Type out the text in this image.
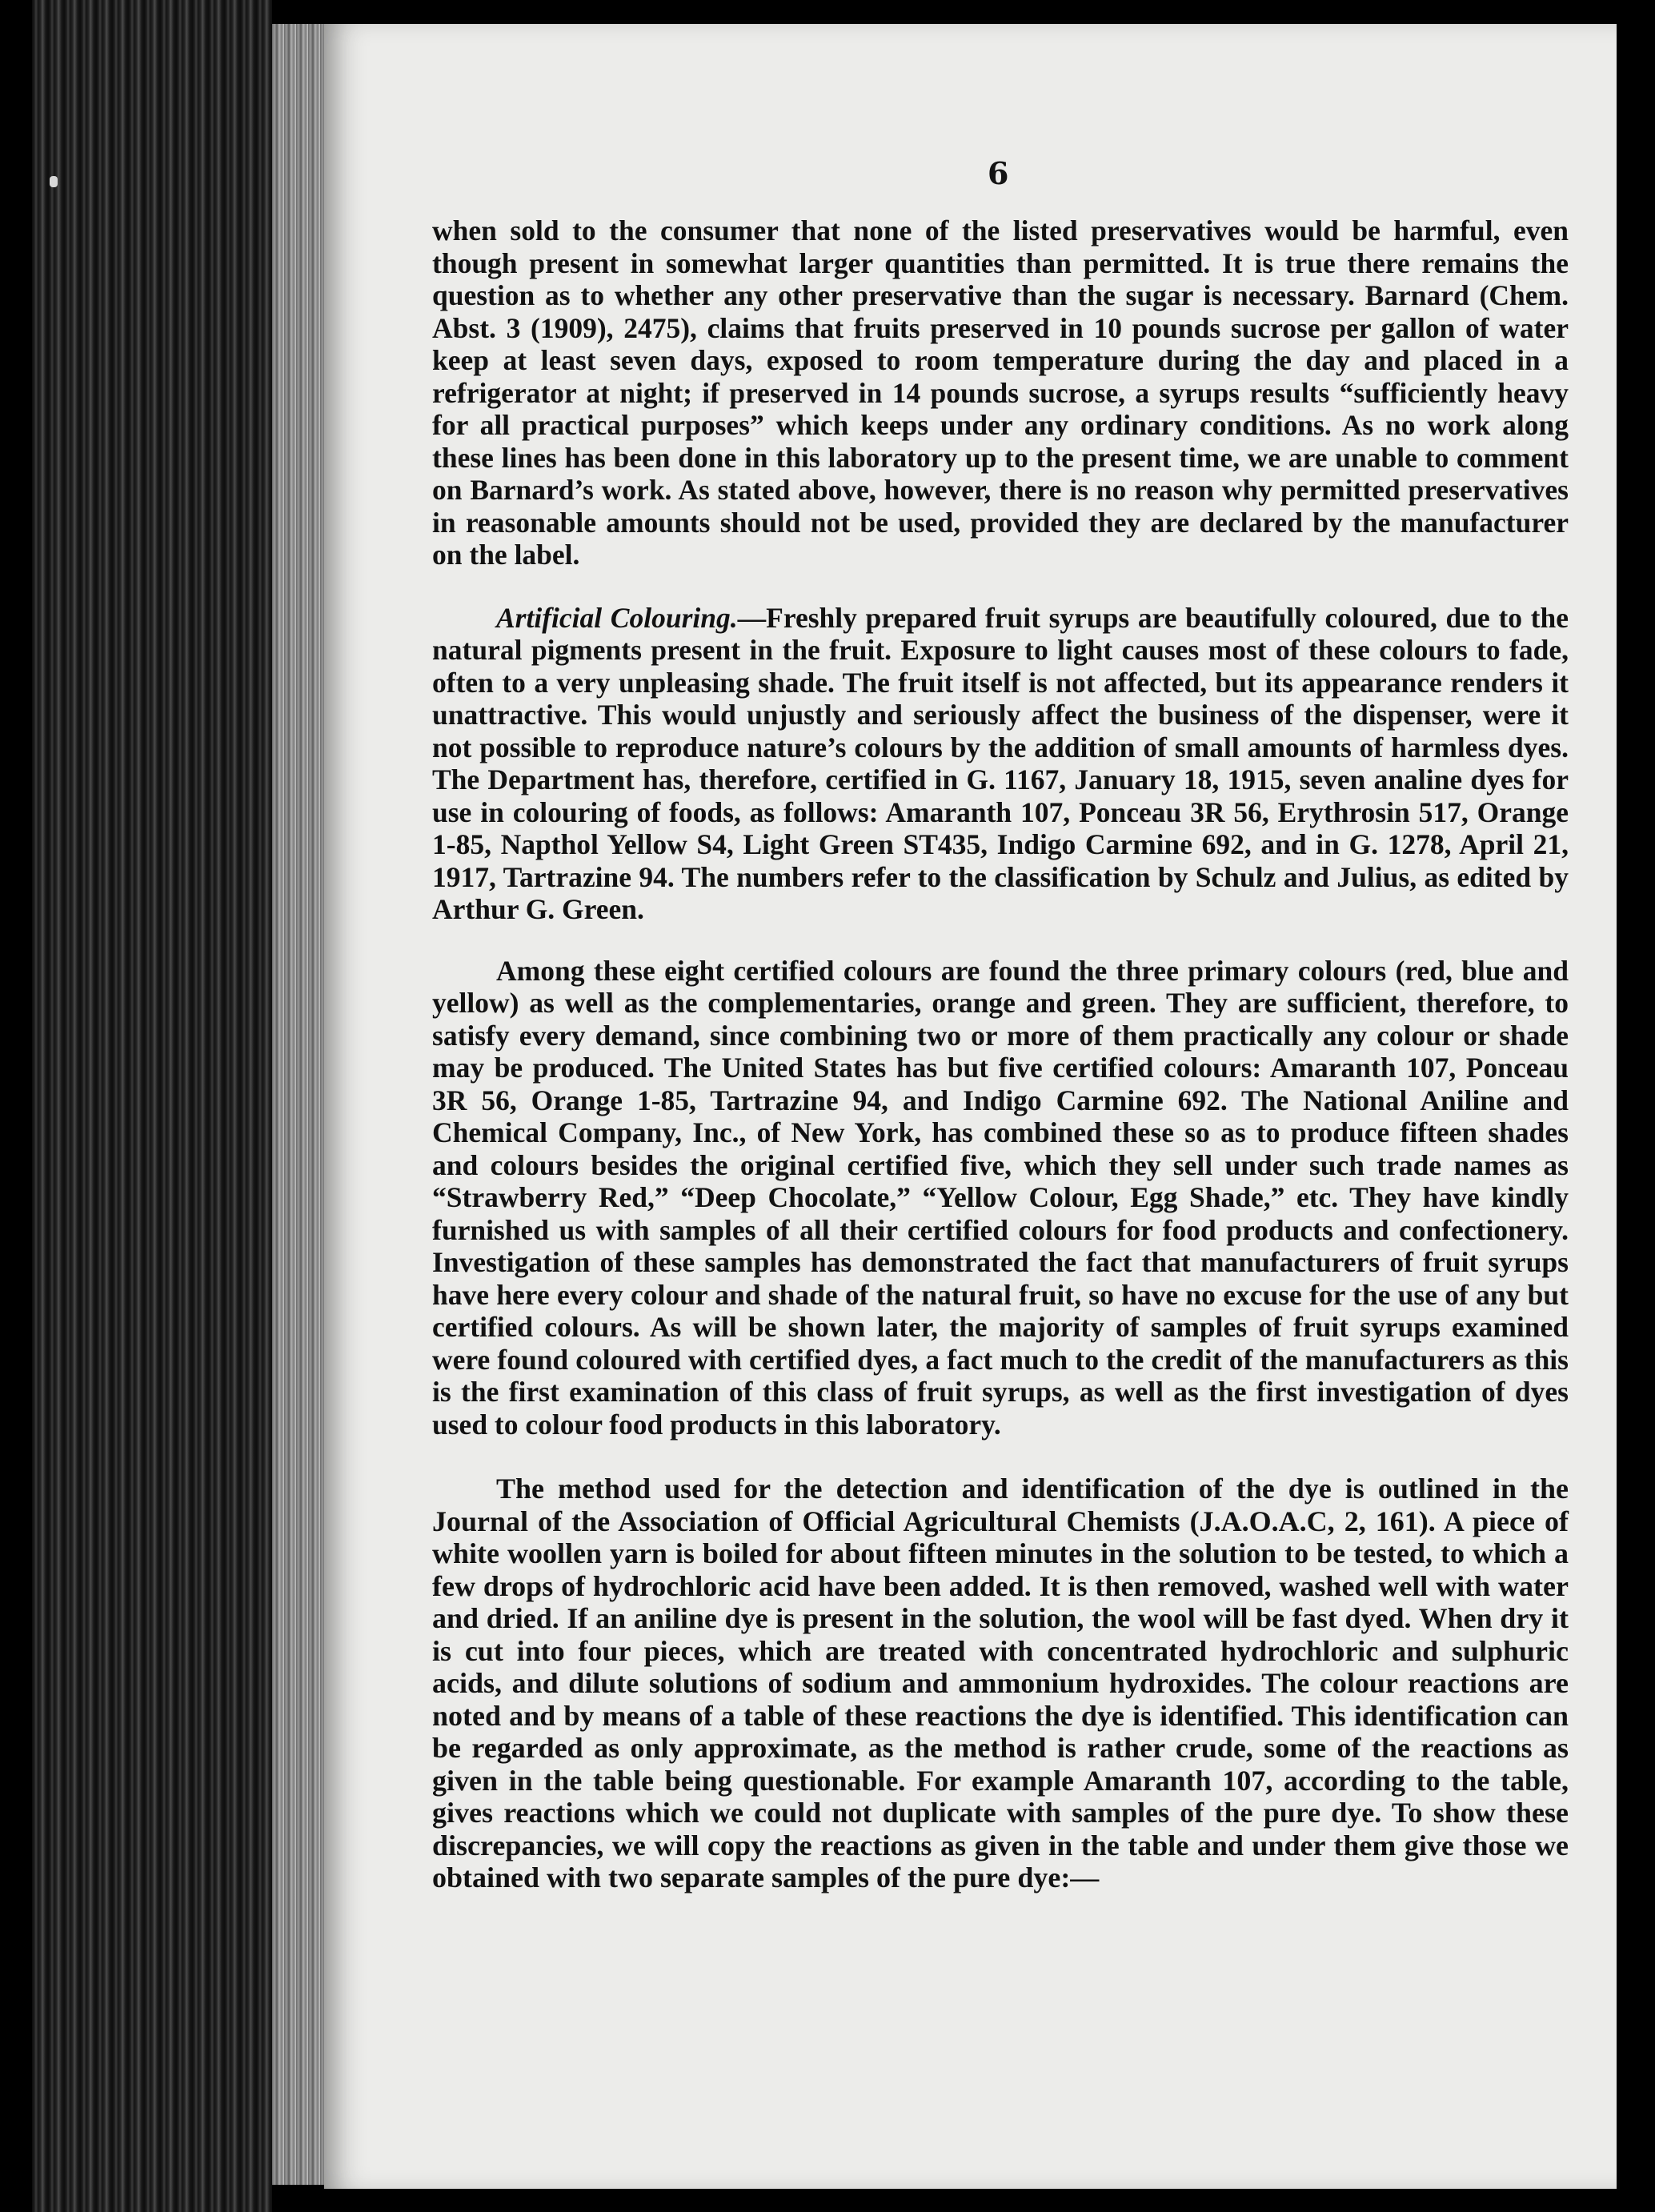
6

when sold to the consumer that none of the listed preservatives would be harmful, even though present in somewhat larger quantities than permitted. It is true there remains the question as to whether any other preservative than the sugar is necessary. Barnard (Chem. Abst. 3 (1909), 2475), claims that fruits preserved in 10 pounds sucrose per gallon of water keep at least seven days, exposed to room temperature during the day and placed in a refrigerator at night; if preserved in 14 pounds sucrose, a syrups results “sufficiently heavy for all practical purposes” which keeps under any ordinary conditions. As no work along these lines has been done in this laboratory up to the present time, we are unable to comment on Barnard’s work. As stated above, however, there is no reason why permitted preservatives in reasonable amounts should not be used, provided they are declared by the manufacturer on the label.

Artificial Colouring.—Freshly prepared fruit syrups are beautifully coloured, due to the natural pigments present in the fruit. Exposure to light causes most of these colours to fade, often to a very unpleasing shade. The fruit itself is not affected, but its appearance renders it unattractive. This would unjustly and seriously affect the business of the dispenser, were it not possible to reproduce nature’s colours by the addition of small amounts of harmless dyes. The Department has, therefore, certified in G. 1167, January 18, 1915, seven analine dyes for use in colouring of foods, as follows: Amaranth 107, Ponceau 3R 56, Erythrosin 517, Orange 1-85, Napthol Yellow S4, Light Green ST435, Indigo Carmine 692, and in G. 1278, April 21, 1917, Tartrazine 94. The numbers refer to the classification by Schulz and Julius, as edited by Arthur G. Green.

Among these eight certified colours are found the three primary colours (red, blue and yellow) as well as the complementaries, orange and green. They are sufficient, therefore, to satisfy every demand, since combining two or more of them practically any colour or shade may be produced. The United States has but five certified colours: Amaranth 107, Ponceau 3R 56, Orange 1-85, Tartrazine 94, and Indigo Carmine 692. The National Aniline and Chemical Company, Inc., of New York, has combined these so as to produce fifteen shades and colours besides the original certified five, which they sell under such trade names as “Strawberry Red,” “Deep Chocolate,” “Yellow Colour, Egg Shade,” etc. They have kindly furnished us with samples of all their certified colours for food products and confectionery. Investigation of these samples has demonstrated the fact that manufacturers of fruit syrups have here every colour and shade of the natural fruit, so have no excuse for the use of any but certified colours. As will be shown later, the majority of samples of fruit syrups examined were found coloured with certified dyes, a fact much to the credit of the manufacturers as this is the first examination of this class of fruit syrups, as well as the first investigation of dyes used to colour food products in this laboratory.

The method used for the detection and identification of the dye is outlined in the Journal of the Association of Official Agricultural Chemists (J.A.O.A.C, 2, 161). A piece of white woollen yarn is boiled for about fifteen minutes in the solution to be tested, to which a few drops of hydrochloric acid have been added. It is then removed, washed well with water and dried. If an aniline dye is present in the solution, the wool will be fast dyed. When dry it is cut into four pieces, which are treated with concentrated hydrochloric and sulphuric acids, and dilute solutions of sodium and ammonium hydroxides. The colour reactions are noted and by means of a table of these reactions the dye is identified. This identification can be regarded as only approximate, as the method is rather crude, some of the reactions as given in the table being questionable. For example Amaranth 107, according to the table, gives reactions which we could not duplicate with samples of the pure dye. To show these discrepancies, we will copy the reactions as given in the table and under them give those we obtained with two separate samples of the pure dye:—
